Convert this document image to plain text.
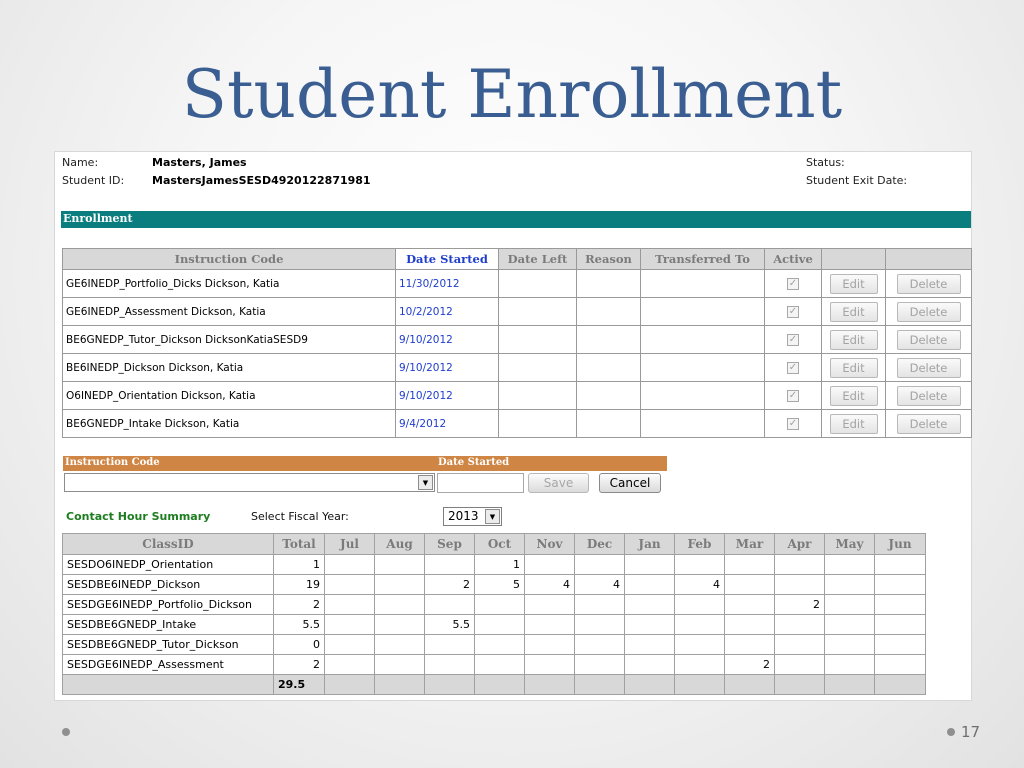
Student Enrollment
Name:	Masters, James
Student ID:	MastersJamesSESD4920122871981
Status:
Student Exit Date:
Enrollment
Instruction Code	Date Started	Date Left	Reason	Transferred To	Active		
GE6INEDP_Portfolio_Dicks Dickson, Katia	11/30/2012				✓	Edit	Delete
GE6INEDP_Assessment Dickson, Katia	10/2/2012				✓	Edit	Delete
BE6GNEDP_Tutor_Dickson DicksonKatiaSESD9	9/10/2012				✓	Edit	Delete
BE6INEDP_Dickson Dickson, Katia	9/10/2012				✓	Edit	Delete
O6INEDP_Orientation Dickson, Katia	9/10/2012				✓	Edit	Delete
BE6GNEDP_Intake Dickson, Katia	9/4/2012				✓	Edit	Delete
Instruction Code	Date Started
▼	Save	Cancel
Contact Hour Summary	Select Fiscal Year:	2013	▼
ClassID	Total	Jul	Aug	Sep	Oct	Nov	Dec	Jan	Feb	Mar	Apr	May	Jun
SESDO6INEDP_Orientation	1				1								
SESDBE6INEDP_Dickson	19			2	5	4	4		4				
SESDGE6INEDP_Portfolio_Dickson	2										2		
SESDBE6GNEDP_Intake	5.5			5.5									
SESDBE6GNEDP_Tutor_Dickson	0												
SESDGE6INEDP_Assessment	2									2			
	29.5												
17
